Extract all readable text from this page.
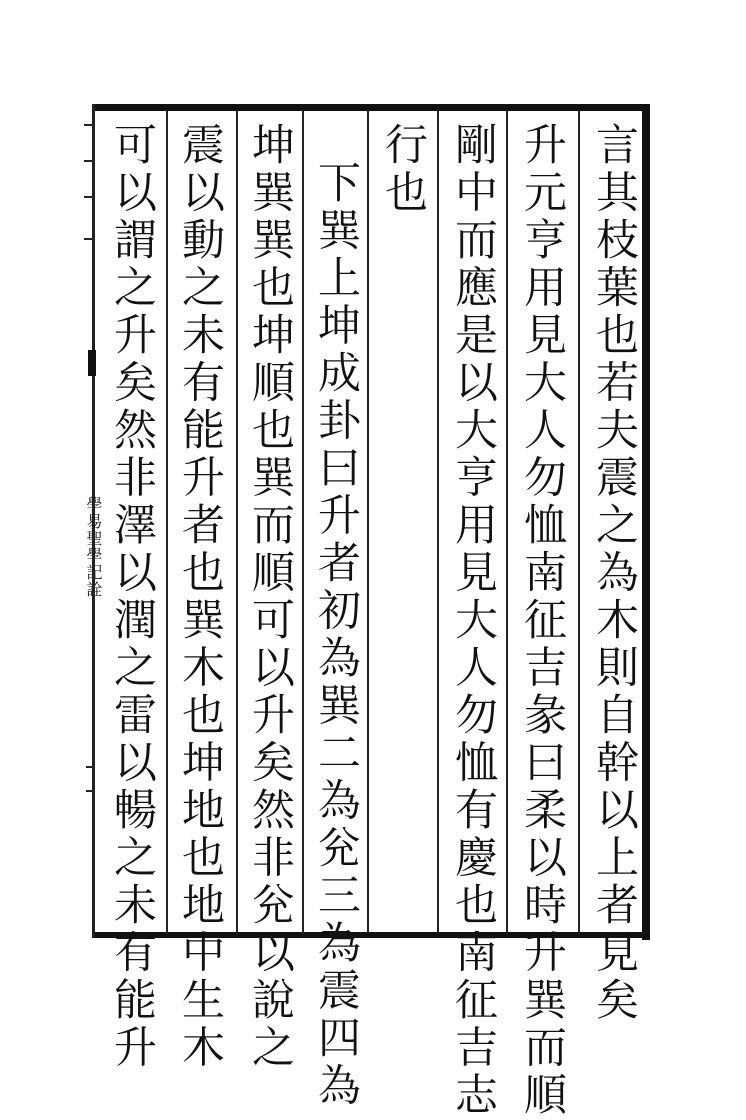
言其枝葉也若夫震之為木則自幹以上者見矣
升元亨用見大人勿恤南征吉彖曰柔以時升巽而順
剛中而應是以大亨用見大人勿恤有慶也南征吉志
行也
下巽上坤成卦曰升者初為巽二為兊三為震四為
坤巽巽也坤順也巽而順可以升矣然非兊以說之
震以動之未有能升者也巽木也坤地也地中生木
可以謂之升矣然非澤以潤之雷以暢之未有能升
學易聖學記詮
